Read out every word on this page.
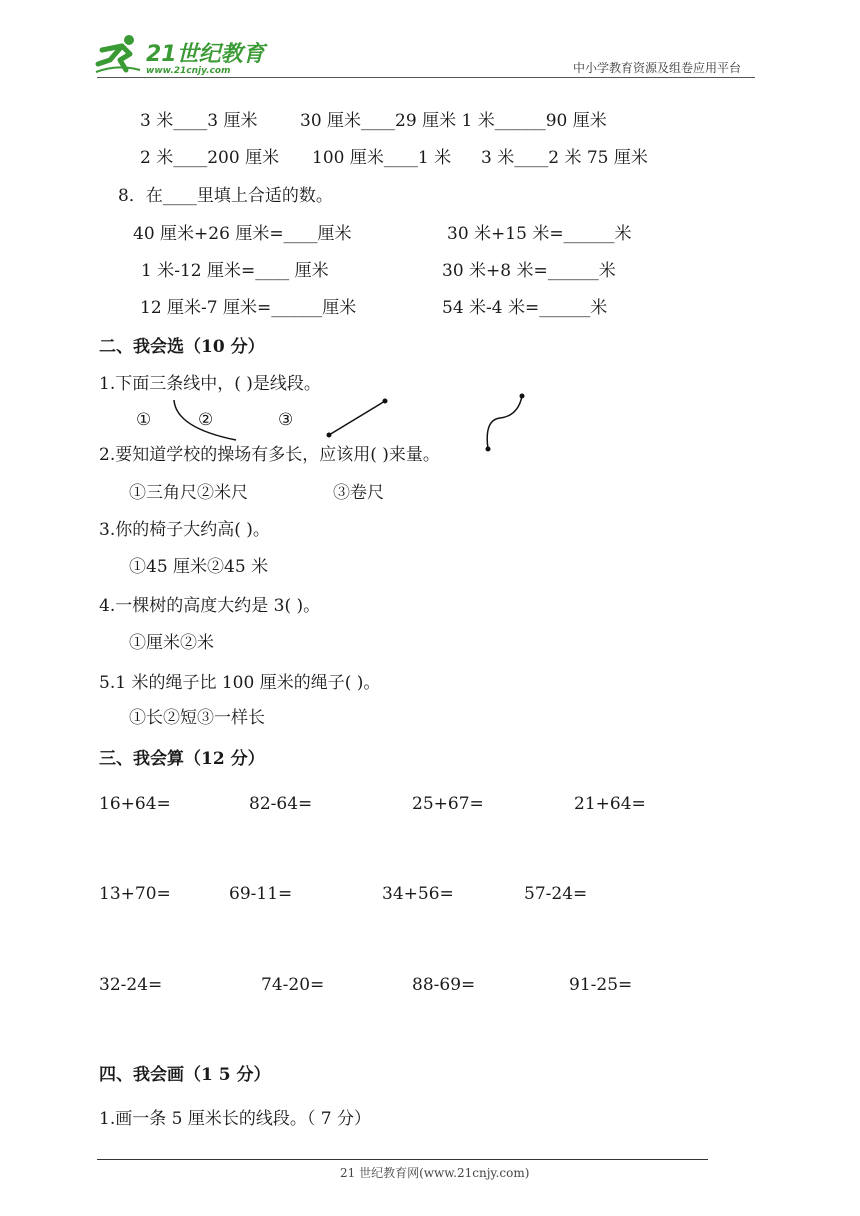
21世纪教育
www.21cnjy.com	中小学教育资源及组卷应用平台
3 米____3 厘米	30 厘米____29 厘米 1 米______90 厘米
2 米____200 厘米 100 厘米____1 米 3 米____2 米 75 厘米
8．在____里填上合适的数。
40 厘米+26 厘米=____厘米	30 米+15 米=______米
1 米-12 厘米=____ 厘米	30 米+8 米=______米
12 厘米-7 厘米=______厘米	54 米-4 米=______米
二、我会选（10 分）
1.下面三条线中，( )是线段。
①	②	③
2.要知道学校的操场有多长，应该用( )来量。
①三角尺②米尺	③卷尺
3.你的椅子大约高( )。
①45 厘米②45 米
4.一棵树的高度大约是 3( )。
①厘米②米
5.1 米的绳子比 100 厘米的绳子( )。
①长②短③一样长
三、我会算（12 分）
16+64=	82-64=	25+67=	21+64=
13+70=	69-11=	34+56=	57-24=
32-24=	74-20=	88-69=	91-25=
四、我会画（1 5 分）
1.画一条 5 厘米长的线段。（ 7 分）
21 世纪教育网(www.21cnjy.com)
